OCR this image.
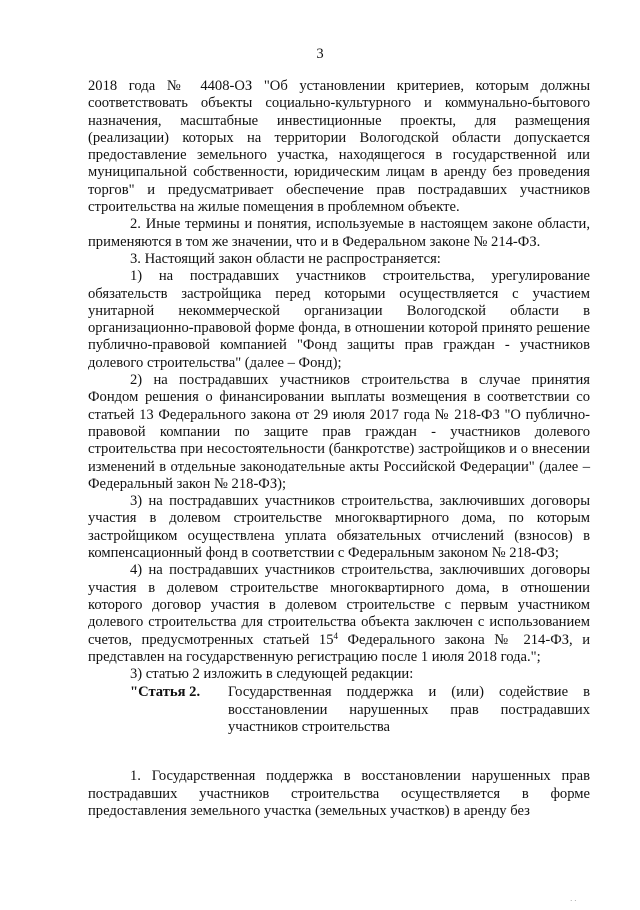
3

2018 года № 4408-ОЗ "Об установлении критериев, которым должны соответствовать объекты социально-культурного и коммунально-бытового назначения, масштабные инвестиционные проекты, для размещения (реализации) которых на территории Вологодской области допускается предоставление земельного участка, находящегося в государственной или муниципальной собственности, юридическим лицам в аренду без проведения торгов" и предусматривает обеспечение прав пострадавших участников строительства на жилые помещения в проблемном объекте.

2. Иные термины и понятия, используемые в настоящем законе области, применяются в том же значении, что и в Федеральном законе № 214-ФЗ.

3. Настоящий закон области не распространяется:

1) на пострадавших участников строительства, урегулирование обязательств застройщика перед которыми осуществляется с участием унитарной некоммерческой организации Вологодской области в организационно-правовой форме фонда, в отношении которой принято решение публично-правовой компанией "Фонд защиты прав граждан - участников долевого строительства" (далее – Фонд);

2) на пострадавших участников строительства в случае принятия Фондом решения о финансировании выплаты возмещения в соответствии со статьей 13 Федерального закона от 29 июля 2017 года № 218-ФЗ "О публично-правовой компании по защите прав граждан - участников долевого строительства при несостоятельности (банкротстве) застройщиков и о внесении изменений в отдельные законодательные акты Российской Федерации" (далее – Федеральный закон № 218-ФЗ);

3) на пострадавших участников строительства, заключивших договоры участия в долевом строительстве многоквартирного дома, по которым застройщиком осуществлена уплата обязательных отчислений (взносов) в компенсационный фонд в соответствии с Федеральным законом № 218-ФЗ;

4) на пострадавших участников строительства, заключивших договоры участия в долевом строительстве многоквартирного дома, в отношении которого договор участия в долевом строительстве с первым участником долевого строительства для строительства объекта заключен с использованием счетов, предусмотренных статьей $15^4$ Федерального закона № 214-ФЗ, и представлен на государственную регистрацию после 1 июля 2018 года.";

3) статью 2 изложить в следующей редакции:

"Статья 2. Государственная поддержка и (или) содействие в восстановлении нарушенных прав пострадавших участников строительства

1. Государственная поддержка в восстановлении нарушенных прав пострадавших участников строительства осуществляется в форме предоставления земельного участка (земельных участков) в аренду без

· ·
